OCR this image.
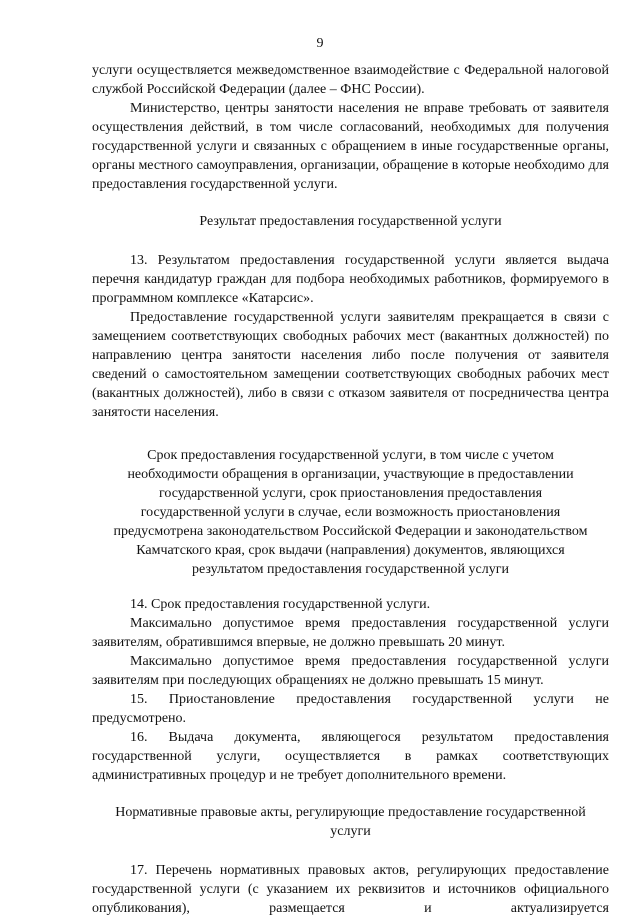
9

услуги осуществляется межведомственное взаимодействие с Федеральной налоговой службой Российской Федерации (далее – ФНС России).

Министерство, центры занятости населения не вправе требовать от заявителя осуществления действий, в том числе согласований, необходимых для получения государственной услуги и связанных с обращением в иные государственные органы, органы местного самоуправления, организации, обращение в которые необходимо для предоставления государственной услуги.

Результат предоставления государственной услуги

13. Результатом предоставления государственной услуги является выдача перечня кандидатур граждан для подбора необходимых работников, формируемого в программном комплексе «Катарсис».

Предоставление государственной услуги заявителям прекращается в связи с замещением соответствующих свободных рабочих мест (вакантных должностей) по направлению центра занятости населения либо после получения от заявителя сведений о самостоятельном замещении соответствующих свободных рабочих мест (вакантных должностей), либо в связи с отказом заявителя от посредничества центра занятости населения.

Срок предоставления государственной услуги, в том числе с учетом

необходимости обращения в организации, участвующие в предоставлении

государственной услуги, срок приостановления предоставления

государственной услуги в случае, если возможность приостановления

предусмотрена законодательством Российской Федерации и законодательством

Камчатского края, срок выдачи (направления) документов, являющихся

результатом предоставления государственной услуги

14. Срок предоставления государственной услуги.

Максимально допустимое время предоставления государственной услуги заявителям, обратившимся впервые, не должно превышать 20 минут.

Максимально допустимое время предоставления государственной услуги заявителям при последующих обращениях не должно превышать 15 минут.

15. Приостановление предоставления государственной услуги не предусмотрено.

16. Выдача документа, являющегося результатом предоставления государственной услуги, осуществляется в рамках соответствующих административных процедур и не требует дополнительного времени.

Нормативные правовые акты, регулирующие предоставление государственной

услуги

17. Перечень нормативных правовых актов, регулирующих предоставление государственной услуги (с указанием их реквизитов и источников официального опубликования), размещается и актуализируется
